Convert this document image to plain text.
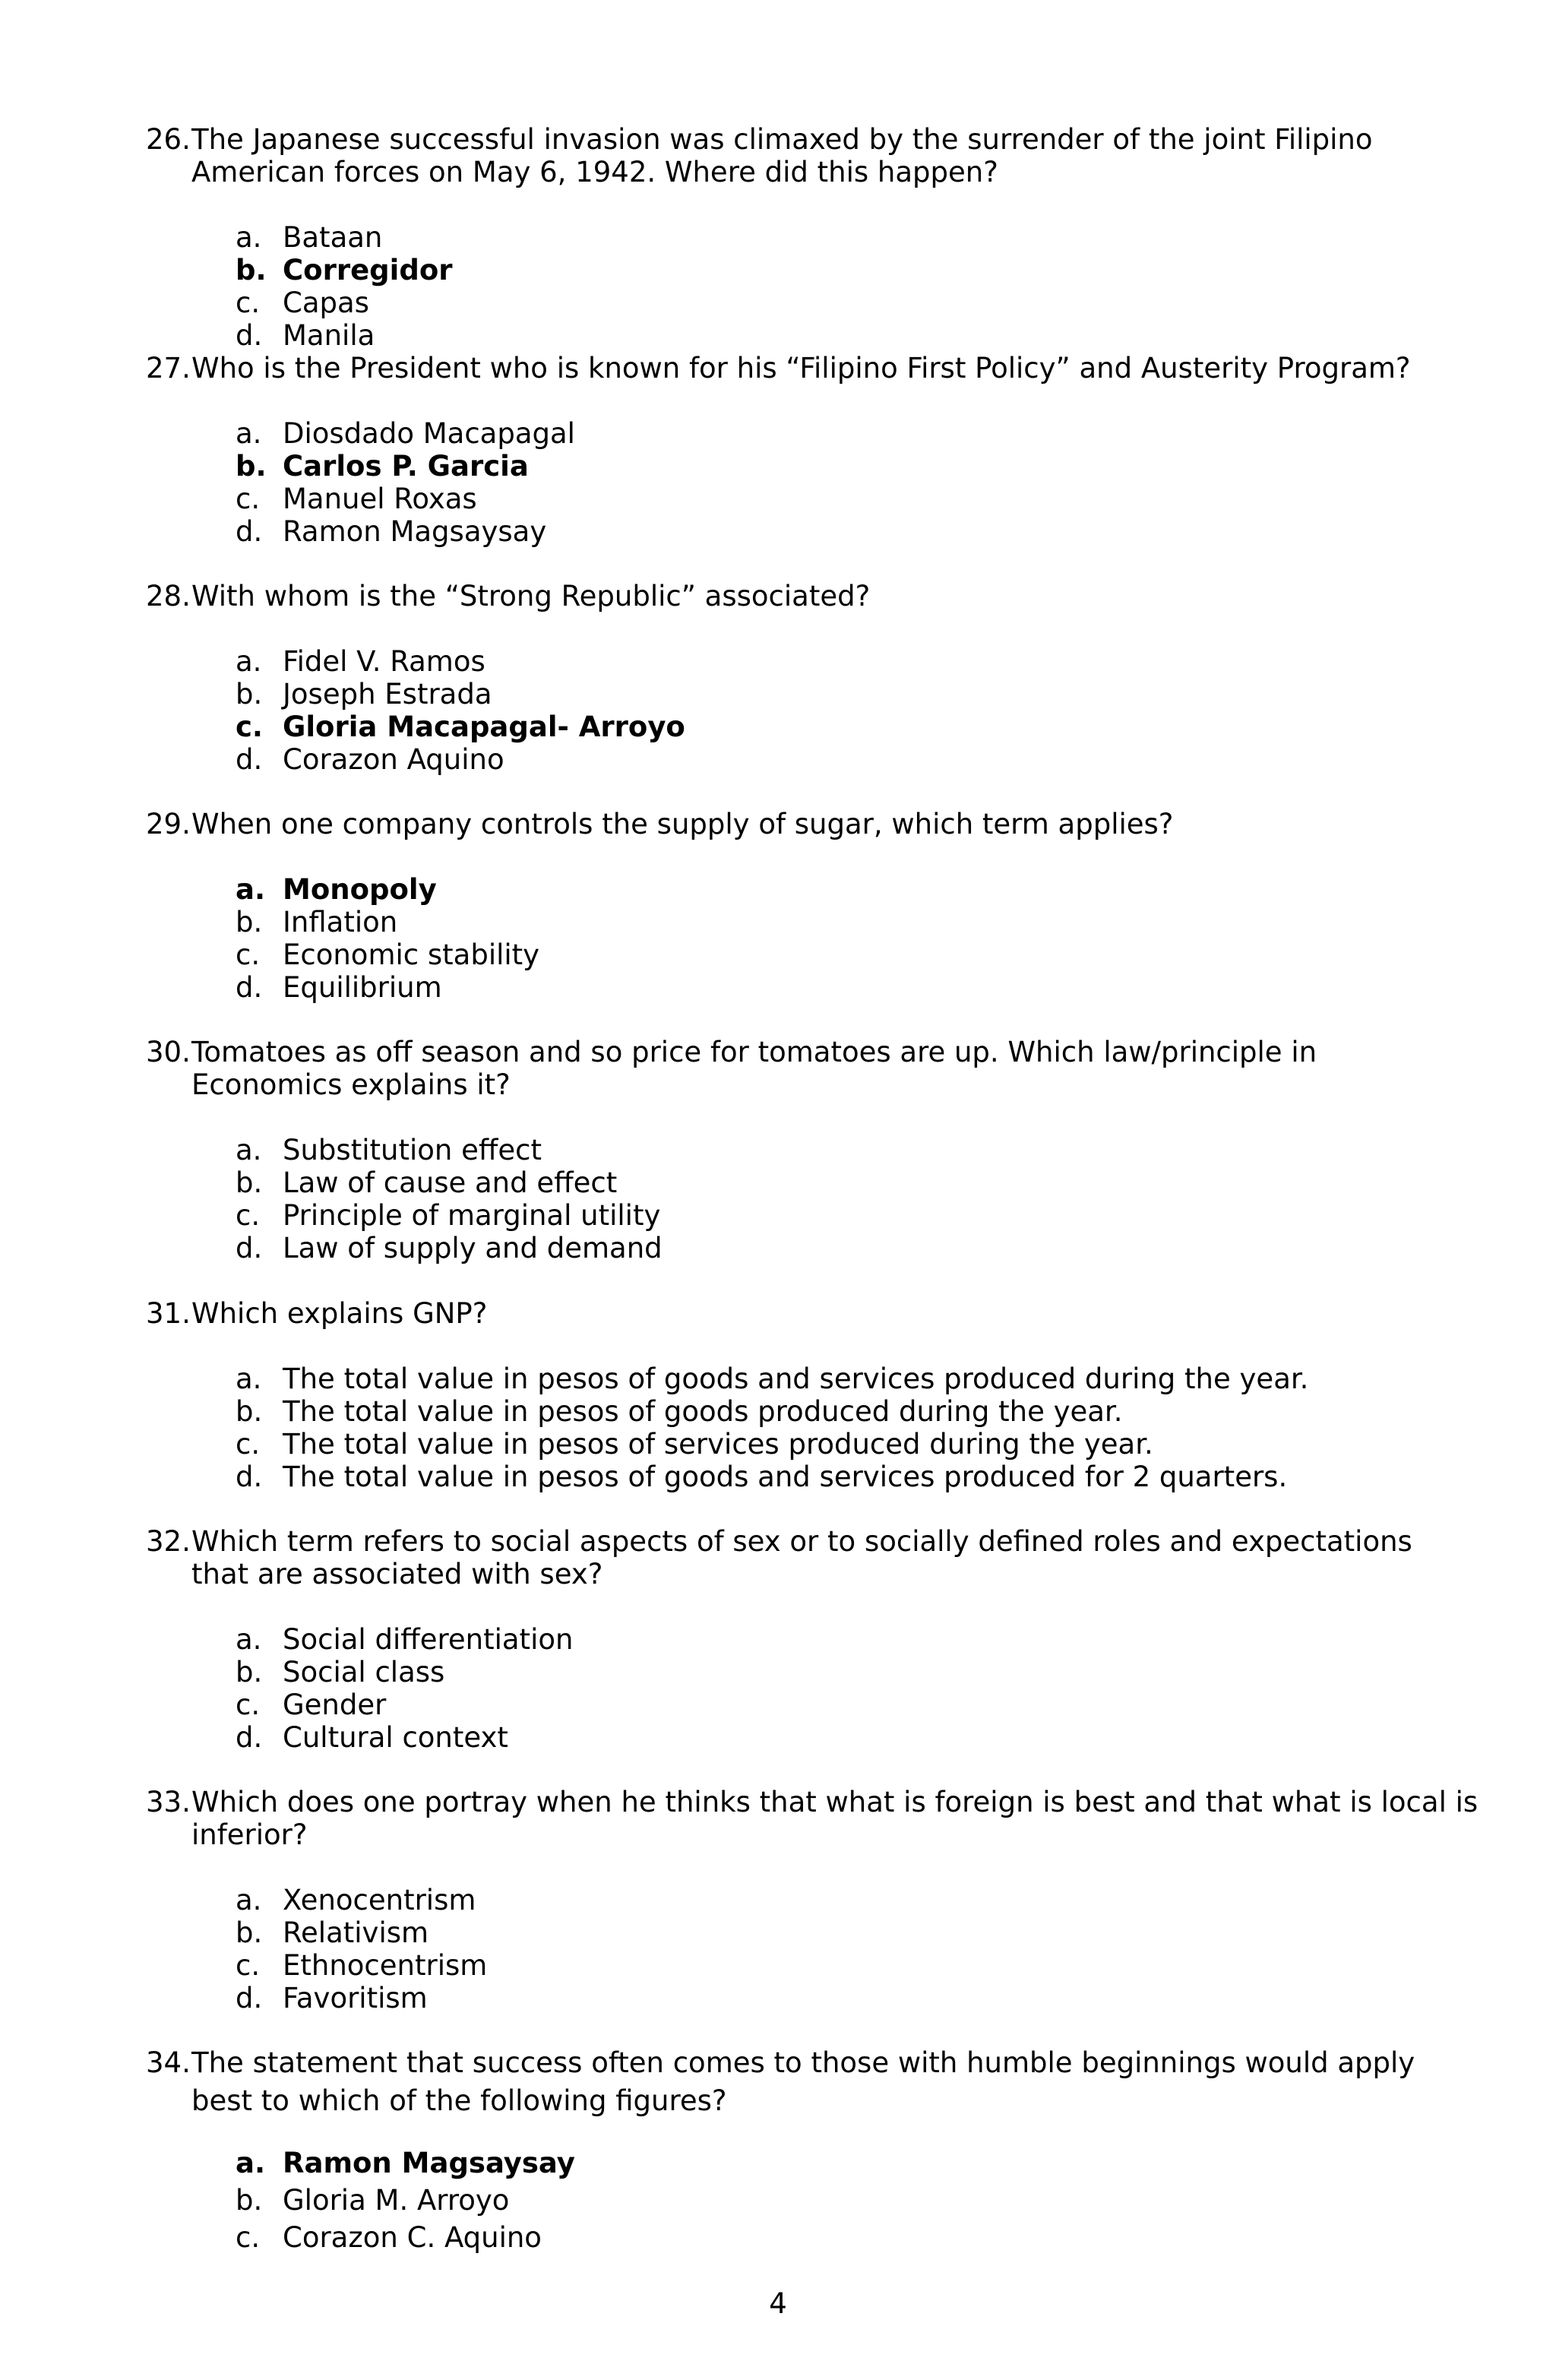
26. The Japanese successful invasion was climaxed by the surrender of the joint Filipino American forces on May 6, 1942. Where did this happen?
a. Bataan
b. Corregidor
c. Capas
d. Manila
27. Who is the President who is known for his “Filipino First Policy” and Austerity Program?
a. Diosdado Macapagal
b. Carlos P. Garcia
c. Manuel Roxas
d. Ramon Magsaysay
28. With whom is the “Strong Republic” associated?
a. Fidel V. Ramos
b. Joseph Estrada
c. Gloria Macapagal- Arroyo
d. Corazon Aquino
29. When one company controls the supply of sugar, which term applies?
a. Monopoly
b. Inflation
c. Economic stability
d. Equilibrium
30. Tomatoes as off season and so price for tomatoes are up. Which law/principle in Economics explains it?
a. Substitution effect
b. Law of cause and effect
c. Principle of marginal utility
d. Law of supply and demand
31. Which explains GNP?
a. The total value in pesos of goods and services produced during the year.
b. The total value in pesos of goods produced during the year.
c. The total value in pesos of services produced during the year.
d. The total value in pesos of goods and services produced for 2 quarters.
32. Which term refers to social aspects of sex or to socially defined roles and expectations that are associated with sex?
a. Social differentiation
b. Social class
c. Gender
d. Cultural context
33. Which does one portray when he thinks that what is foreign is best and that what is local is inferior?
a. Xenocentrism
b. Relativism
c. Ethnocentrism
d. Favoritism
34. The statement that success often comes to those with humble beginnings would apply best to which of the following figures?
a. Ramon Magsaysay
b. Gloria M. Arroyo
c. Corazon C. Aquino
4
